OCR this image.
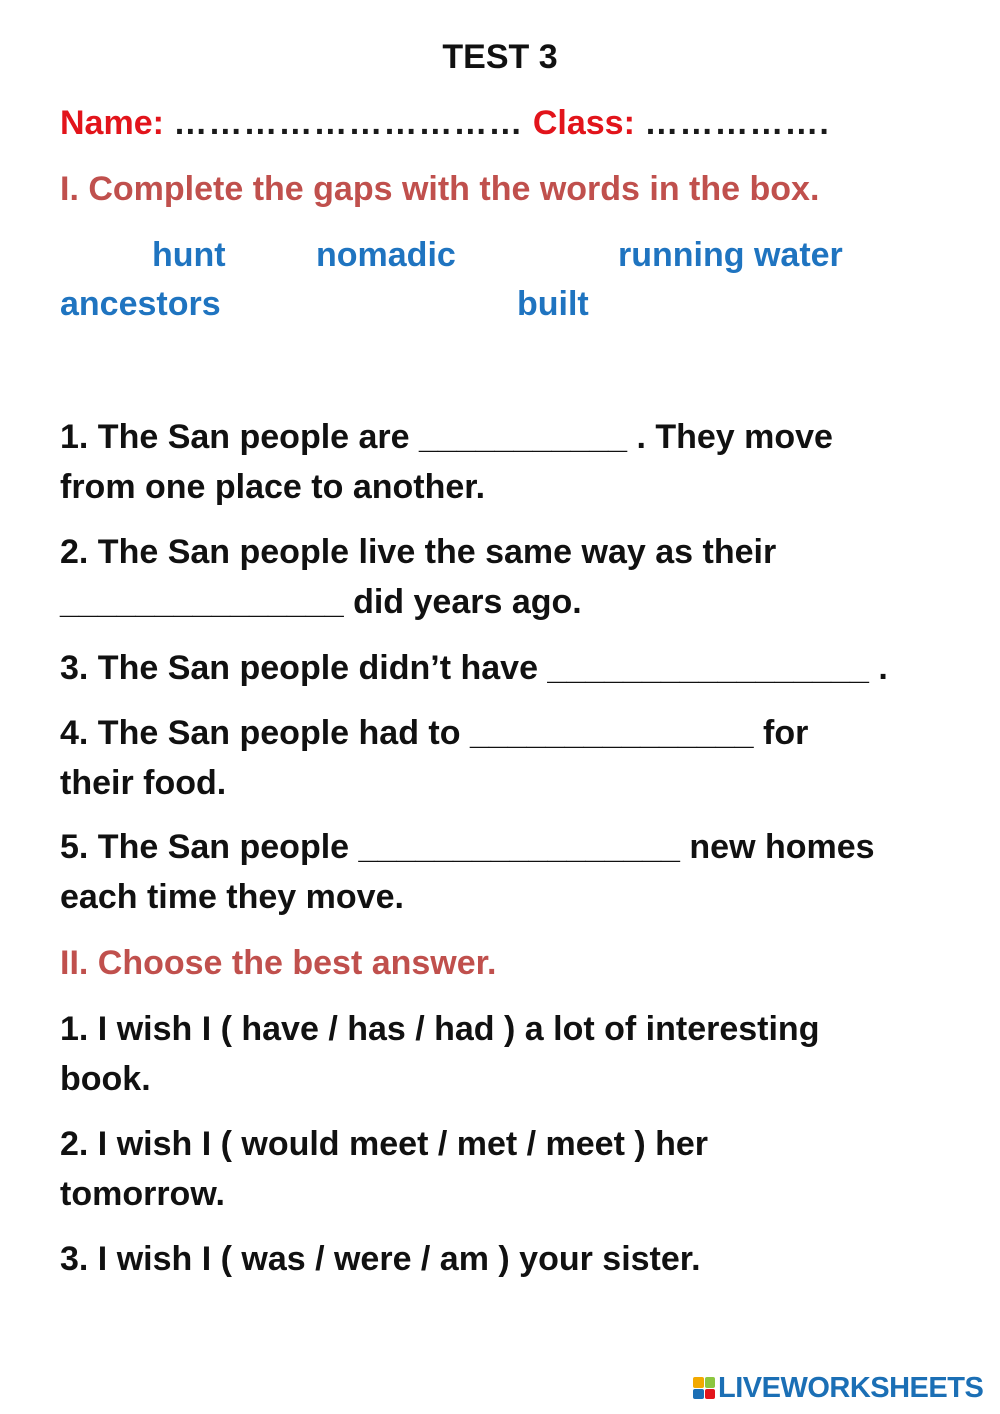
TEST 3
Name: ………………………… Class: …………….
I. Complete the gaps with the words in the box.
hunt	nomadic	running water
ancestors	built
1. The San people are ___________ . They move
from one place to another.
2. The San people live the same way as their
_______________ did years ago.
3. The San people didn’t have _________________ .
4. The San people had to _______________ for
their food.
5. The San people _________________ new homes
each time they move.
II. Choose the best answer.
1. I wish I ( have / has / had ) a lot of interesting
book.
2. I wish I ( would meet / met / meet ) her
tomorrow.
3. I wish I ( was / were / am ) your sister.
LIVEWORKSHEETS
